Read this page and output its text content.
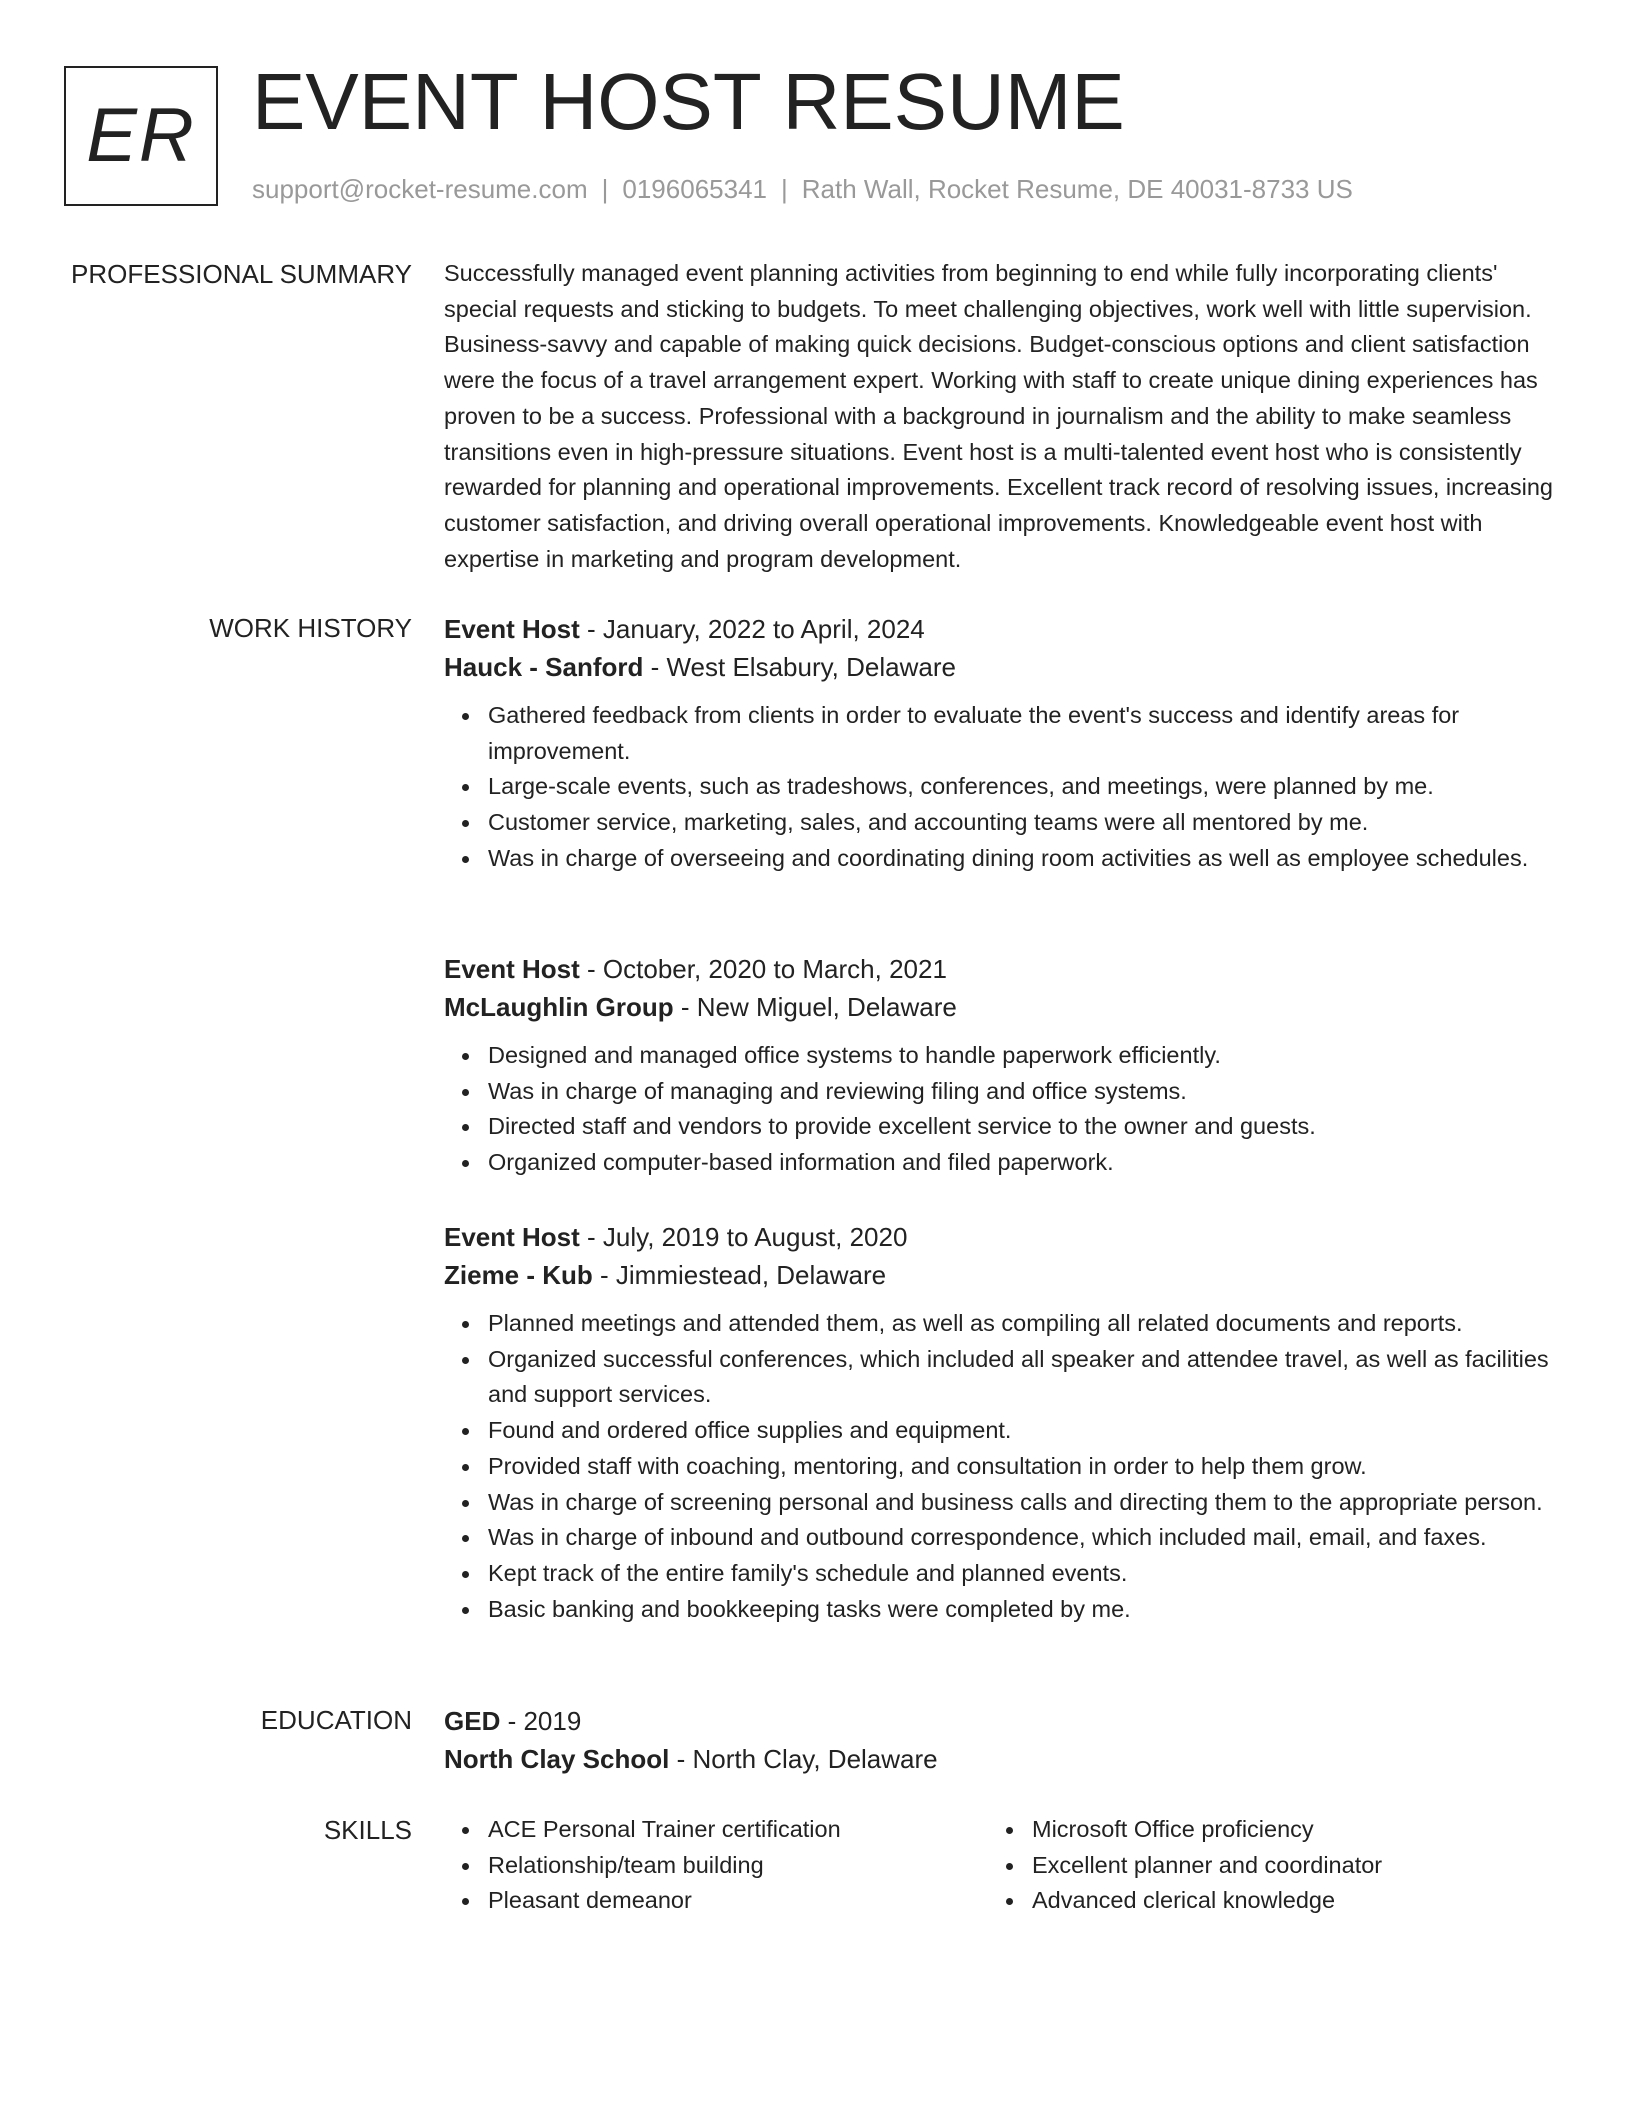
ER EVENT HOST RESUME
support@rocket-resume.com | 0196065341 | Rath Wall, Rocket Resume, DE 40031-8733 US
PROFESSIONAL SUMMARY Successfully managed event planning activities from beginning to end while fully incorporating clients' special requests and sticking to budgets. To meet challenging objectives, work well with little supervision. Business-savvy and capable of making quick decisions. Budget-conscious options and client satisfaction were the focus of a travel arrangement expert. Working with staff to create unique dining experiences has proven to be a success. Professional with a background in journalism and the ability to make seamless transitions even in high-pressure situations. Event host is a multi-talented event host who is consistently rewarded for planning and operational improvements. Excellent track record of resolving issues, increasing customer satisfaction, and driving overall operational improvements. Knowledgeable event host with expertise in marketing and program development.

WORK HISTORY Event Host - January, 2022 to April, 2024
Hauck - Sanford - West Elsabury, Delaware
Gathered feedback from clients in order to evaluate the event's success and identify areas for improvement.
Large-scale events, such as tradeshows, conferences, and meetings, were planned by me.
Customer service, marketing, sales, and accounting teams were all mentored by me.
Was in charge of overseeing and coordinating dining room activities as well as employee schedules.
Event Host - October, 2020 to March, 2021
McLaughlin Group - New Miguel, Delaware
Designed and managed office systems to handle paperwork efficiently.
Was in charge of managing and reviewing filing and office systems.
Directed staff and vendors to provide excellent service to the owner and guests.
Organized computer-based information and filed paperwork.
Event Host - July, 2019 to August, 2020
Zieme - Kub - Jimmiestead, Delaware
Planned meetings and attended them, as well as compiling all related documents and reports.
Organized successful conferences, which included all speaker and attendee travel, as well as facilities and support services.
Found and ordered office supplies and equipment.
Provided staff with coaching, mentoring, and consultation in order to help them grow.
Was in charge of screening personal and business calls and directing them to the appropriate person.
Was in charge of inbound and outbound correspondence, which included mail, email, and faxes.
Kept track of the entire family's schedule and planned events.
Basic banking and bookkeeping tasks were completed by me.
EDUCATION GED - 2019
North Clay School - North Clay, Delaware
SKILLS	ACE Personal Trainer certification
Relationship/team building
Pleasant demeanor
Microsoft Office proficiency
Excellent planner and coordinator
Advanced clerical knowledge
